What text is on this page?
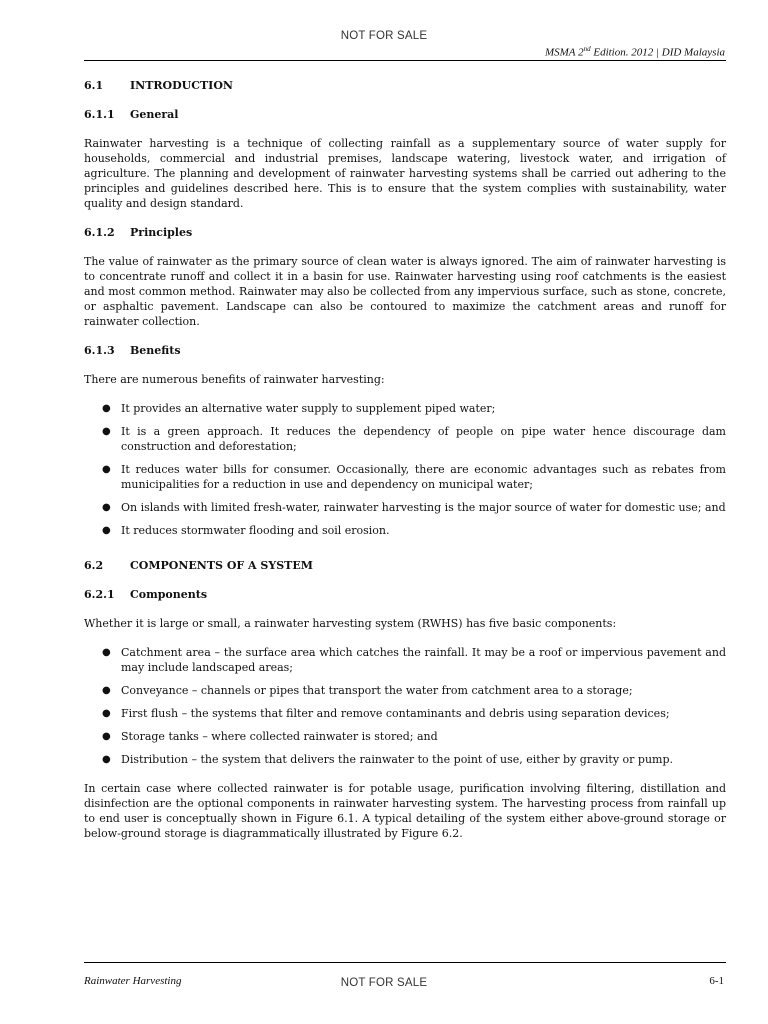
NOT FOR SALE
MSMA 2nd Edition. 2012 | DID Malaysia
6.1	INTRODUCTION
6.1.1	General

Rainwater harvesting is a technique of collecting rainfall as a supplementary source of water supply for households, commercial and industrial premises, landscape watering, livestock water, and irrigation of agriculture. The planning and development of rainwater harvesting systems shall be carried out adhering to the principles and guidelines described here. This is to ensure that the system complies with sustainability, water quality and design standard.

6.1.2	Principles

The value of rainwater as the primary source of clean water is always ignored. The aim of rainwater harvesting is to concentrate runoff and collect it in a basin for use. Rainwater harvesting using roof catchments is the easiest and most common method. Rainwater may also be collected from any impervious surface, such as stone, concrete, or asphaltic pavement. Landscape can also be contoured to maximize the catchment areas and runoff for rainwater collection.

6.1.3	Benefits

There are numerous benefits of rainwater harvesting:

● It provides an alternative water supply to supplement piped water;
● It is a green approach. It reduces the dependency of people on pipe water hence discourage dam construction and deforestation;
● It reduces water bills for consumer. Occasionally, there are economic advantages such as rebates from municipalities for a reduction in use and dependency on municipal water;
● On islands with limited fresh-water, rainwater harvesting is the major source of water for domestic use; and
● It reduces stormwater flooding and soil erosion.
6.2	COMPONENTS OF A SYSTEM
6.2.1	Components

Whether it is large or small, a rainwater harvesting system (RWHS) has five basic components:

● Catchment area – the surface area which catches the rainfall. It may be a roof or impervious pavement and may include landscaped areas;
● Conveyance – channels or pipes that transport the water from catchment area to a storage;
● First flush – the systems that filter and remove contaminants and debris using separation devices;
● Storage tanks – where collected rainwater is stored; and
● Distribution – the system that delivers the rainwater to the point of use, either by gravity or pump.

In certain case where collected rainwater is for potable usage, purification involving filtering, distillation and disinfection are the optional components in rainwater harvesting system. The harvesting process from rainfall up to end user is conceptually shown in Figure 6.1. A typical detailing of the system either above-ground storage or below-ground storage is diagrammatically illustrated by Figure 6.2.

Rainwater Harvesting	NOT FOR SALE	6-1
